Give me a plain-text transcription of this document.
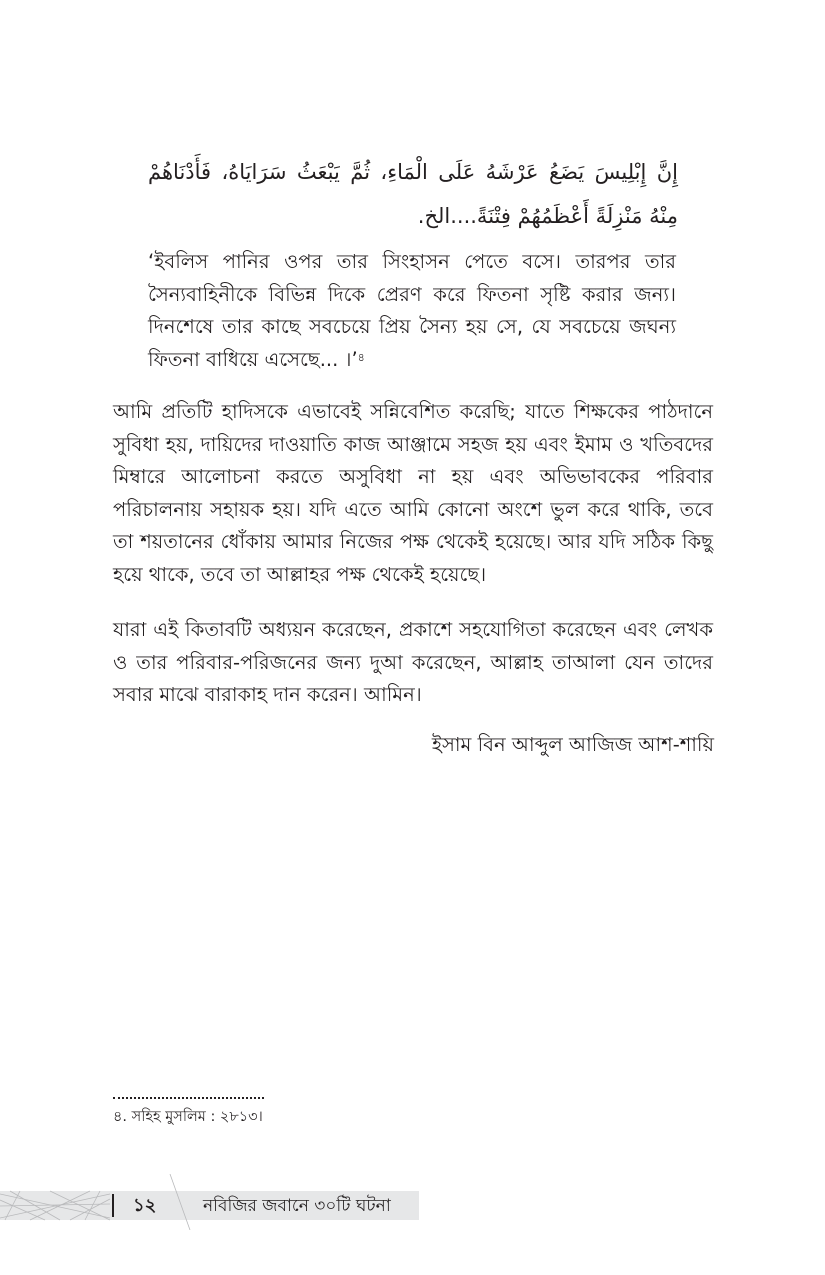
إِنَّ إِبْلِيسَ يَضَعُ عَرْشَهُ عَلَى الْمَاءِ، ثُمَّ يَبْعَثُ سَرَايَاهُ، فَأَدْنَاهُمْ مِنْهُ مَنْزِلَةً أَعْظَمُهُمْ فِتْنَةً....الخ.
‘ইবলিস পানির ওপর তার সিংহাসন পেতে বসে। তারপর তার সৈন্যবাহিনীকে বিভিন্ন দিকে প্রেরণ করে ফিতনা সৃষ্টি করার জন্য। দিনশেষে তার কাছে সবচেয়ে প্রিয় সৈন্য হয় সে, যে সবচেয়ে জঘন্য ফিতনা বাধিয়ে এসেছে... ।’$^৪$
আমি প্রতিটি হাদিসকে এভাবেই সন্নিবেশিত করেছি; যাতে শিক্ষকের পাঠদানে সুবিধা হয়, দায়িদের দাওয়াতি কাজ আঞ্জামে সহজ হয় এবং ইমাম ও খতিবদের মিম্বারে আলোচনা করতে অসুবিধা না হয় এবং অভিভাবকের পরিবার পরিচালনায় সহায়ক হয়। যদি এতে আমি কোনো অংশে ভুল করে থাকি, তবে তা শয়তানের ধোঁকায় আমার নিজের পক্ষ থেকেই হয়েছে। আর যদি সঠিক কিছু হয়ে থাকে, তবে তা আল্লাহর পক্ষ থেকেই হয়েছে।
যারা এই কিতাবটি অধ্যয়ন করেছেন, প্রকাশে সহযোগিতা করেছেন এবং লেখক ও তার পরিবার-পরিজনের জন্য দুআ করেছেন, আল্লাহ তাআলা যেন তাদের সবার মাঝে বারাকাহ দান করেন। আমিন।
ইসাম বিন আব্দুল আজিজ আশ-শায়ি
৪. সহিহ মুসলিম : ২৮১৩।
১২	নবিজির জবানে ৩০টি ঘটনা
